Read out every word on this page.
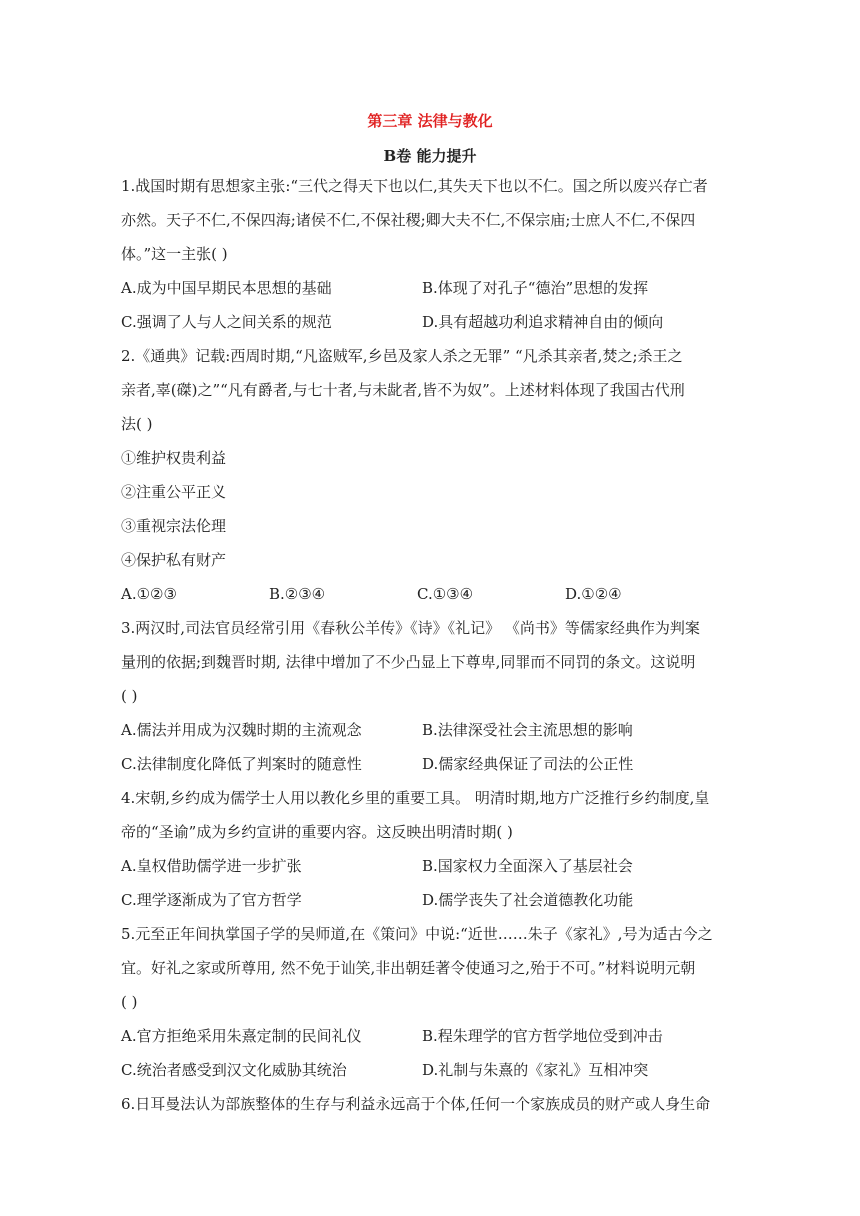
第三章 法律与教化
B卷 能力提升
1.战国时期有思想家主张:“三代之得天下也以仁,其失天下也以不仁。国之所以废兴存亡者
亦然。天子不仁,不保四海;诸侯不仁,不保社稷;卿大夫不仁,不保宗庙;士庶人不仁,不保四
体。”这一主张( )
A.成为中国早期民本思想的基础	B.体现了对孔子“德治”思想的发挥
C.强调了人与人之间关系的规范	D.具有超越功利追求精神自由的倾向
2.《通典》记载:西周时期,“凡盗贼军,乡邑及家人杀之无罪” “凡杀其亲者,焚之;杀王之
亲者,辜(磔)之”“凡有爵者,与七十者,与未龀者,皆不为奴”。上述材料体现了我国古代刑
法( )
①维护权贵利益
②注重公平正义
③重视宗法伦理
④保护私有财产
A.①②③	B.②③④	C.①③④	D.①②④
3.两汉时,司法官员经常引用《春秋公羊传》《诗》《礼记》 《尚书》等儒家经典作为判案
量刑的依据;到魏晋时期, 法律中增加了不少凸显上下尊卑,同罪而不同罚的条文。这说明
( )
A.儒法并用成为汉魏时期的主流观念	B.法律深受社会主流思想的影响
C.法律制度化降低了判案时的随意性	D.儒家经典保证了司法的公正性
4.宋朝,乡约成为儒学士人用以教化乡里的重要工具。 明清时期,地方广泛推行乡约制度,皇
帝的“圣谕”成为乡约宣讲的重要内容。这反映出明清时期( )
A.皇权借助儒学进一步扩张	B.国家权力全面深入了基层社会
C.理学逐渐成为了官方哲学	D.儒学丧失了社会道德教化功能
5.元至正年间执掌国子学的吴师道,在《策问》中说:“近世……朱子《家礼》,号为适古今之
宜。好礼之家或所尊用, 然不免于讪笑,非出朝廷著令使通习之,殆于不可。”材料说明元朝
( )
A.官方拒绝采用朱熹定制的民间礼仪	B.程朱理学的官方哲学地位受到冲击
C.统治者感受到汉文化威胁其统治	D.礼制与朱熹的《家礼》互相冲突
6.日耳曼法认为部族整体的生存与利益永远高于个体,任何一个家族成员的财产或人身生命
